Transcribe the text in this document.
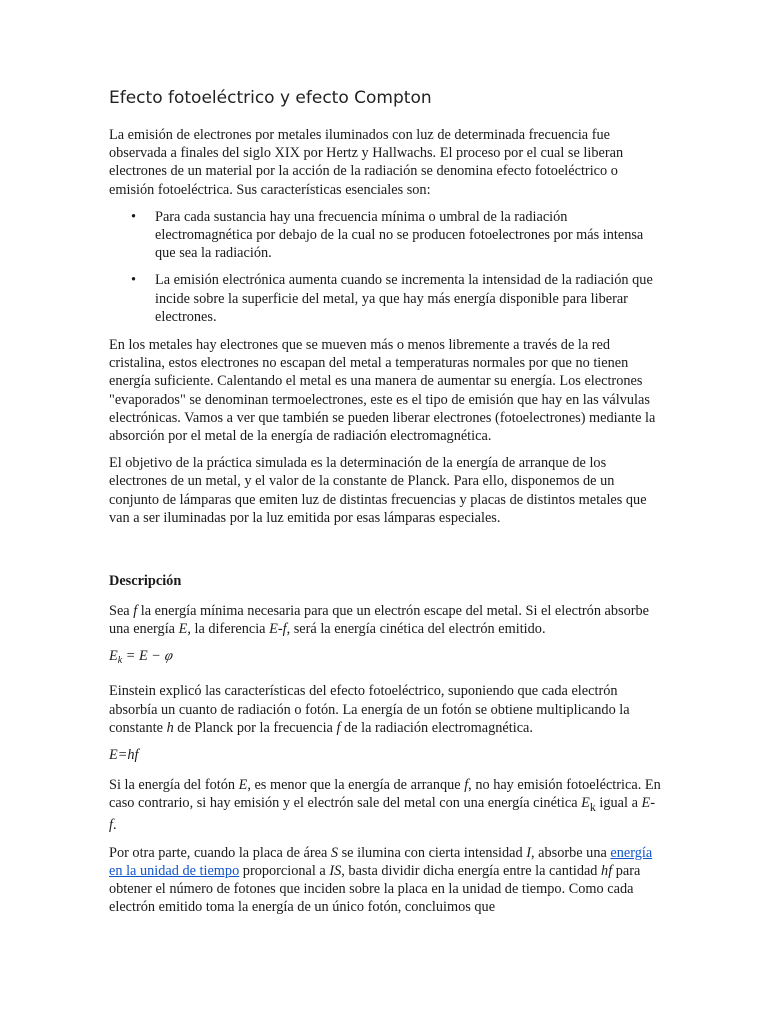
Efecto fotoeléctrico y efecto Compton

La emisión de electrones por metales iluminados con luz de determinada frecuencia fue observada a finales del siglo XIX por Hertz y Hallwachs. El proceso por el cual se liberan electrones de un material por la acción de la radiación se denomina efecto fotoeléctrico o emisión fotoeléctrica. Sus características esenciales son:

• Para cada sustancia hay una frecuencia mínima o umbral de la radiación electromagnética por debajo de la cual no se producen fotoelectrones por más intensa que sea la radiación.
• La emisión electrónica aumenta cuando se incrementa la intensidad de la radiación que incide sobre la superficie del metal, ya que hay más energía disponible para liberar electrones.

En los metales hay electrones que se mueven más o menos libremente a través de la red cristalina, estos electrones no escapan del metal a temperaturas normales por que no tienen energía suficiente. Calentando el metal es una manera de aumentar su energía. Los electrones "evaporados" se denominan termoelectrones, este es el tipo de emisión que hay en las válvulas electrónicas. Vamos a ver que también se pueden liberar electrones (fotoelectrones) mediante la absorción por el metal de la energía de radiación electromagnética.

El objetivo de la práctica simulada es la determinación de la energía de arranque de los electrones de un metal, y el valor de la constante de Planck. Para ello, disponemos de un conjunto de lámparas que emiten luz de distintas frecuencias y placas de distintos metales que van a ser iluminadas por la luz emitida por esas lámparas especiales.

Descripción

Sea f la energía mínima necesaria para que un electrón escape del metal. Si el electrón absorbe una energía E, la diferencia E-f, será la energía cinética del electrón emitido.

$E_k = E - \varphi$

Einstein explicó las características del efecto fotoeléctrico, suponiendo que cada electrón absorbía un cuanto de radiación o fotón. La energía de un fotón se obtiene multiplicando la constante h de Planck por la frecuencia f de la radiación electromagnética.

E=hf

Si la energía del fotón E, es menor que la energía de arranque f, no hay emisión fotoeléctrica. En caso contrario, si hay emisión y el electrón sale del metal con una energía cinética $E_k$ igual a E-f.

Por otra parte, cuando la placa de área S se ilumina con cierta intensidad I, absorbe una energía en la unidad de tiempo proporcional a IS, basta dividir dicha energía entre la cantidad hf para obtener el número de fotones que inciden sobre la placa en la unidad de tiempo. Como cada electrón emitido toma la energía de un único fotón, concluimos que
